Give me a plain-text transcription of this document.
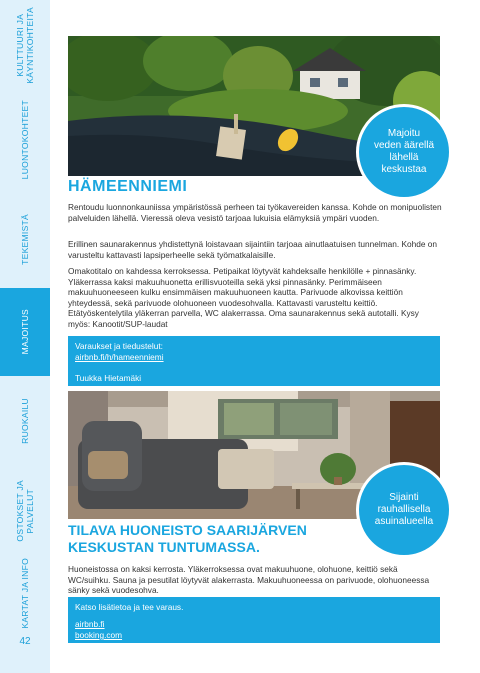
KULTTUURI JA
KÄYNTIKOHTEITA
LUONTOKOHTEET
TEKEMISTÄ
MAJOITUS
RUOKAILU
OSTOKSET JA
PALVELUT
KARTAT JA INFO
42
Majoitu
veden äärellä
lähellä
keskustaa
HÄMEENNIEMI

Rentoudu luonnonkauniissa ympäristössä perheen tai työkavereiden kanssa. Kohde on monipuolisten palveluiden lähellä. Vieressä oleva vesistö tarjoaa lukuisia elämyksiä ympäri vuoden.

Erillinen saunarakennus yhdistettynä loistavaan sijaintiin tarjoaa ainutlaatuisen tunnelman. Kohde on varusteltu kattavasti lapsiperheelle sekä työmatkalaisille.

Omakotitalo on kahdessa kerroksessa. Petipaikat löytyvät kahdeksalle henkilölle + pinnasänky. Yläkerrassa kaksi makuuhuonetta erillisvuoteilla sekä yksi pinnasänky. Perimmäiseen makuuhuoneeseen kulku ensimmäisen makuuhuoneen kautta. Parivuode alkovissa keittiön yhteydessä, sekä parivuode olohuoneen vuodesohvalla. Kattavasti varusteltu keittiö. Etätyöskentelytila yläkerran parvella, WC alakerrassa. Oma saunarakennus sekä autotalli. Kysy myös: Kanootit/SUP-laudat

Varaukset ja tiedustelut:
airbnb.fi/h/hameenniemi
Tuukka Hietamäki
Sijainti
rauhallisella
asuinalueella
TILAVA HUONEISTO SAARIJÄRVEN
KESKUSTAN TUNTUMASSA.

Huoneistossa on kaksi kerrosta. Yläkerroksessa ovat makuuhuone, olohuone, keittiö sekä WC/suihku. Sauna ja pesutilat löytyvät alakerrasta. Makuuhuoneessa on parivuode, olohuoneessa sänky sekä vuodesohva.

Katso lisätietoa ja tee varaus.
airbnb.fi
booking.com
